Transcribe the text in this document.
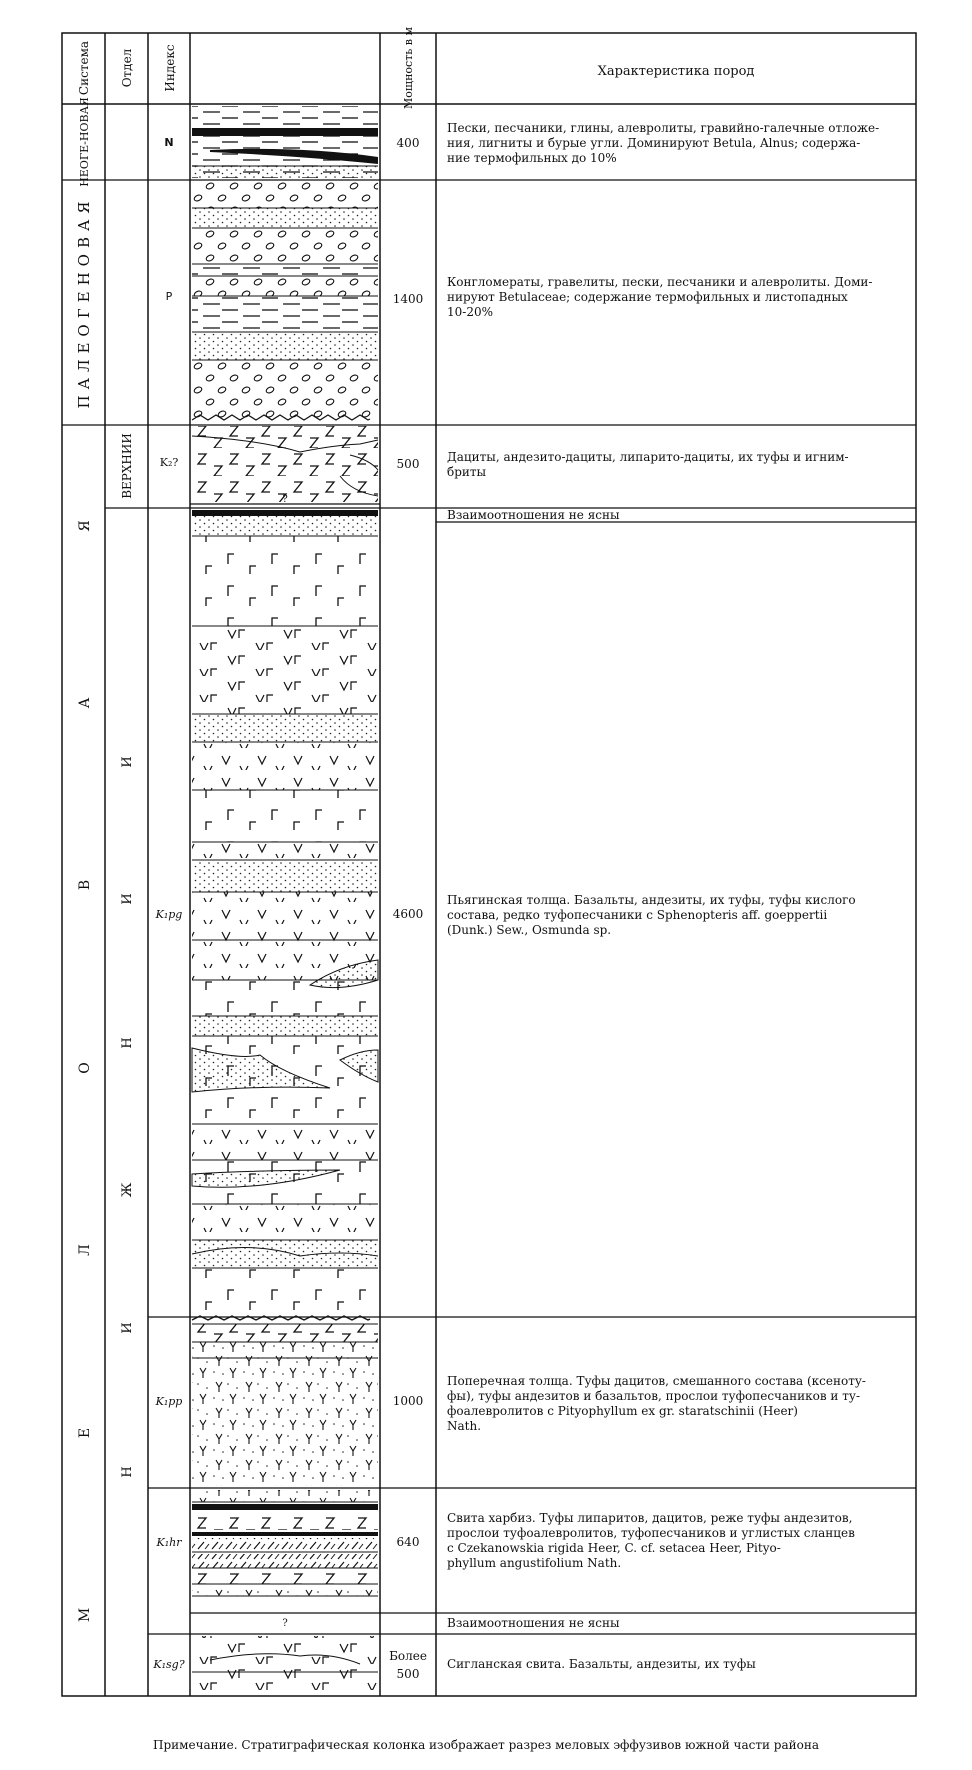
Система Отдел Индекс	Мощность в м	Характеристика пород
НЕОГЕ-НОВАЯ
ПАЛЕОГЕНОВАЯ
Я
А
В
О
Л
Е
М
ВЕРХНИИ
И
И
Н
Ж
И
Н
?
?
N
P
K₂?
K₁pg
K₁pp
K₁hr
K₁sg?
400
1400
500
4600
1000
640
Более
500
Пески, песчаники, глины, алевролиты, гравийно-галечные отложе-
ния, лигниты и бурые угли. Доминируют Betula, Alnus; содержа-
ние термофильных до 10%
Конгломераты, гравелиты, пески, песчаники и алевролиты. Доми-
нируют Betulaceae; содержание термофильных и листопадных
10-20%
Дациты, андезито-дациты, липарито-дациты, их туфы и игним-
бриты
Взаимоотношения не ясны
Пьягинская толща. Базальты, андезиты, их туфы, туфы кислого
состава, редко туфопесчаники с Sphenopteris aff. goeppertii
(Dunk.) Sew., Osmunda sp.
Поперечная толща. Туфы дацитов, смешанного состава (ксеноту-
фы), туфы андезитов и базальтов, прослои туфопесчаников и ту-
фоалевролитов с Pityophyllum ex gr. staratschinii (Heer)
Nath.
Свита харбиз. Туфы липаритов, дацитов, реже туфы андезитов,
прослои туфоалевролитов, туфопесчаников и углистых сланцев
с Czekanowskia rigida Heer, C. cf. setacea Heer, Pityo-
phyllum angustifolium Nath.
Взаимоотношения не ясны
Сигланская свита. Базальты, андезиты, их туфы
Примечание. Стратиграфическая колонка изображает разрез меловых эффузивов южной части района
